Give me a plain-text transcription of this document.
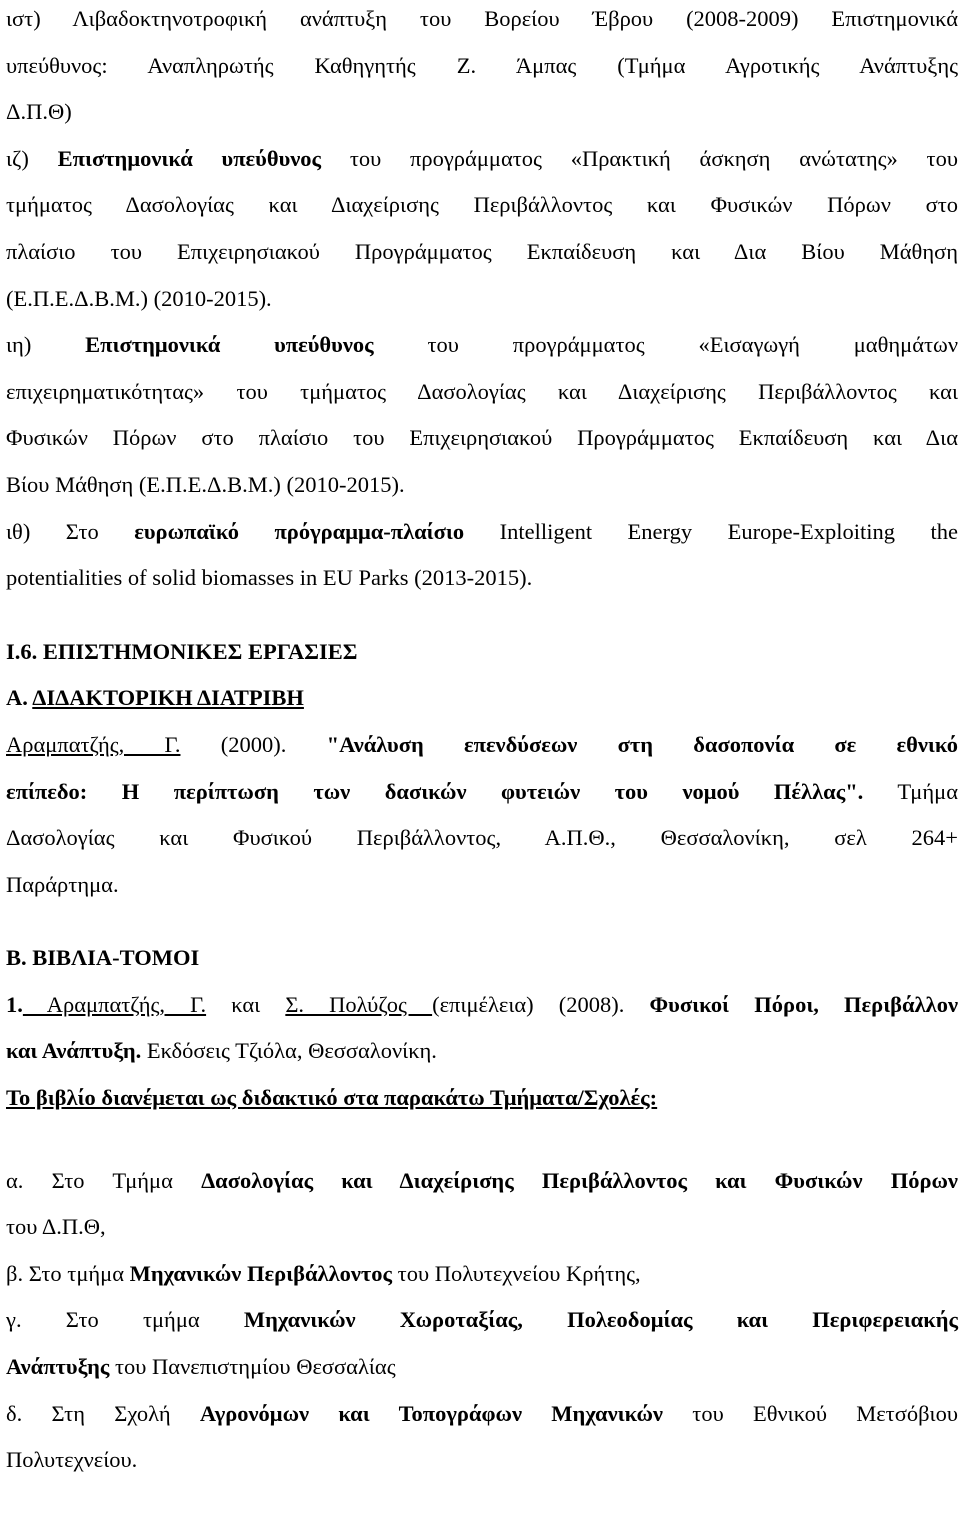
ιστ) Λιβαδοκτηνοτροφική ανάπτυξη του Βορείου Έβρου (2008-2009) Επιστημονικά
υπεύθυνος: Αναπληρωτής Καθηγητής Ζ. Άμπας (Τμήμα Αγροτικής Ανάπτυξης
Δ.Π.Θ)
ιζ) Επιστημονικά υπεύθυνος του προγράμματος «Πρακτική άσκηση ανώτατης» του
τμήματος Δασολογίας και Διαχείρισης Περιβάλλοντος και Φυσικών Πόρων στο
πλαίσιο του Επιχειρησιακού Προγράμματος Εκπαίδευση και Δια Βίου Μάθηση
(Ε.Π.Ε.Δ.Β.Μ.) (2010-2015).
ιη) Επιστημονικά υπεύθυνος του προγράμματος «Εισαγωγή μαθημάτων
επιχειρηματικότητας» του τμήματος Δασολογίας και Διαχείρισης Περιβάλλοντος και
Φυσικών Πόρων στο πλαίσιο του Επιχειρησιακού Προγράμματος Εκπαίδευση και Δια
Βίου Μάθηση (Ε.Π.Ε.Δ.Β.Μ.) (2010-2015).
ιθ) Στο ευρωπαϊκό πρόγραμμα-πλαίσιο Intelligent Energy Europe-Exploiting the
potentialities of solid biomasses in EU Parks (2013-2015).
I.6. ΕΠΙΣΤΗΜΟΝΙΚΕΣ ΕΡΓΑΣΙΕΣ
Α. ΔΙΔΑΚΤΟΡΙΚΗ ΔΙΑΤΡΙΒΗ
Αραμπατζής, Γ. (2000). "Ανάλυση επενδύσεων στη δασοπονία σε εθνικό
επίπεδο: Η περίπτωση των δασικών φυτειών του νομού Πέλλας". Τμήμα
Δασολογίας και Φυσικού Περιβάλλοντος, Α.Π.Θ., Θεσσαλονίκη, σελ 264+
Παράρτημα.
Β. ΒΙΒΛΙΑ-ΤΟΜΟΙ
1. Αραμπατζής, Γ. και Σ. Πολύζος (επιμέλεια) (2008). Φυσικοί Πόροι, Περιβάλλον
και Ανάπτυξη. Εκδόσεις Τζιόλα, Θεσσαλονίκη.
Το βιβλίο διανέμεται ως διδακτικό στα παρακάτω Τμήματα/Σχολές:
α. Στο Τμήμα Δασολογίας και Διαχείρισης Περιβάλλοντος και Φυσικών Πόρων
του Δ.Π.Θ,
β. Στο τμήμα Μηχανικών Περιβάλλοντος του Πολυτεχνείου Κρήτης,
γ. Στο τμήμα Μηχανικών Χωροταξίας, Πολεοδομίας και Περιφερειακής
Ανάπτυξης του Πανεπιστημίου Θεσσαλίας
δ. Στη Σχολή Αγρονόμων και Τοπογράφων Μηχανικών του Εθνικού Μετσόβιου
Πολυτεχνείου.
